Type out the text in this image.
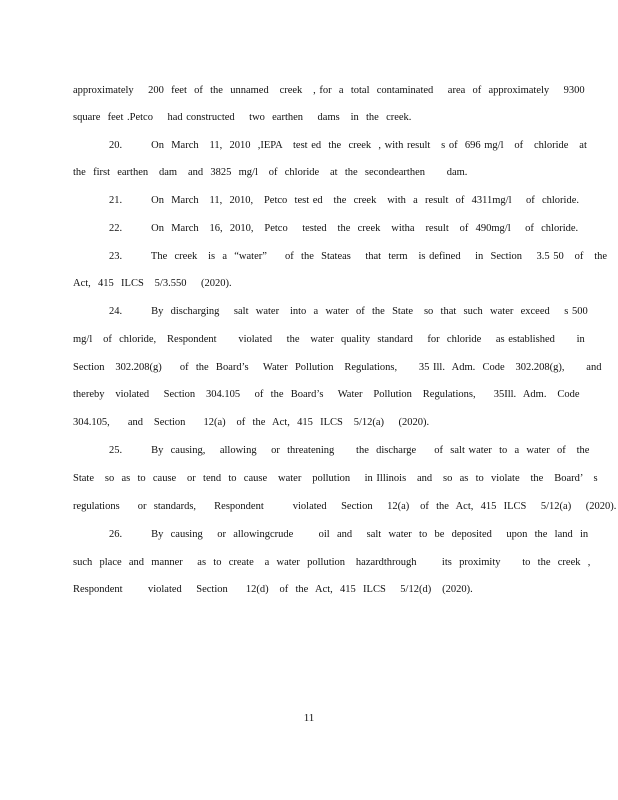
approximately    200  feet  of  the  unnamed   creek   , for  a  total  contaminated    area  of  approximately    9300
square  feet .Petco    had constructed    two  earthen    dams   in  the  creek.
20.        On  March   11,  2010  ,IEPA   test ed  the  creek  , with result   s of  696 mg/l   of   chloride   at
the  first  earthen   dam   and  3825  mg/l   of  chloride   at  the  secondearthen      dam.
21.        On  March   11,  2010,   Petco  test ed   the  creek   with  a  result  of  4311mg/l    of  chloride.
22.        On  March   16,  2010,   Petco    tested   the  creek   witha   result   of  490mg/l    of  chloride.
23.        The  creek   is  a  “water”     of  the  Stateas    that  term   is defined    in  Section    3.5 50   of   the
Act,  415  ILCS   5/3.550    (2020).
24.        By  discharging    salt  water   into  a  water  of  the  State   so  that  such  water  exceed    s 500
mg/l   of  chloride,   Respondent      violated    the   water  quality  standard    for  chloride    as established      in
Section   302.208(g)     of  the  Board’s    Water  Pollution   Regulations,      35 Ill.  Adm.  Code   302.208(g),      and
thereby   violated    Section   304.105    of  the  Board’s    Water   Pollution   Regulations,     35Ill.  Adm.   Code
304.105,     and   Section     12(a)   of  the  Act,  415  ILCS   5/12(a)    (2020).
25.        By  causing,    allowing    or  threatening      the  discharge     of  salt water  to  a  water  of   the
State   so  as  to  cause   or  tend  to  cause   water   pollution    in Illinois   and   so  as  to  violate   the   Board’   s
regulations     or  standards,     Respondent        violated    Section    12(a)   of  the  Act,  415  ILCS    5/12(a)    (2020).
26.        By  causing    or  allowingcrude       oil  and    salt  water  to  be  deposited    upon  the  land  in
such  place  and  manner    as  to  create   a  water  pollution   hazardthrough       its  proximity      to  the  creek  ,
Respondent       violated    Section     12(d)   of  the  Act,  415  ILCS    5/12(d)   (2020).
11
